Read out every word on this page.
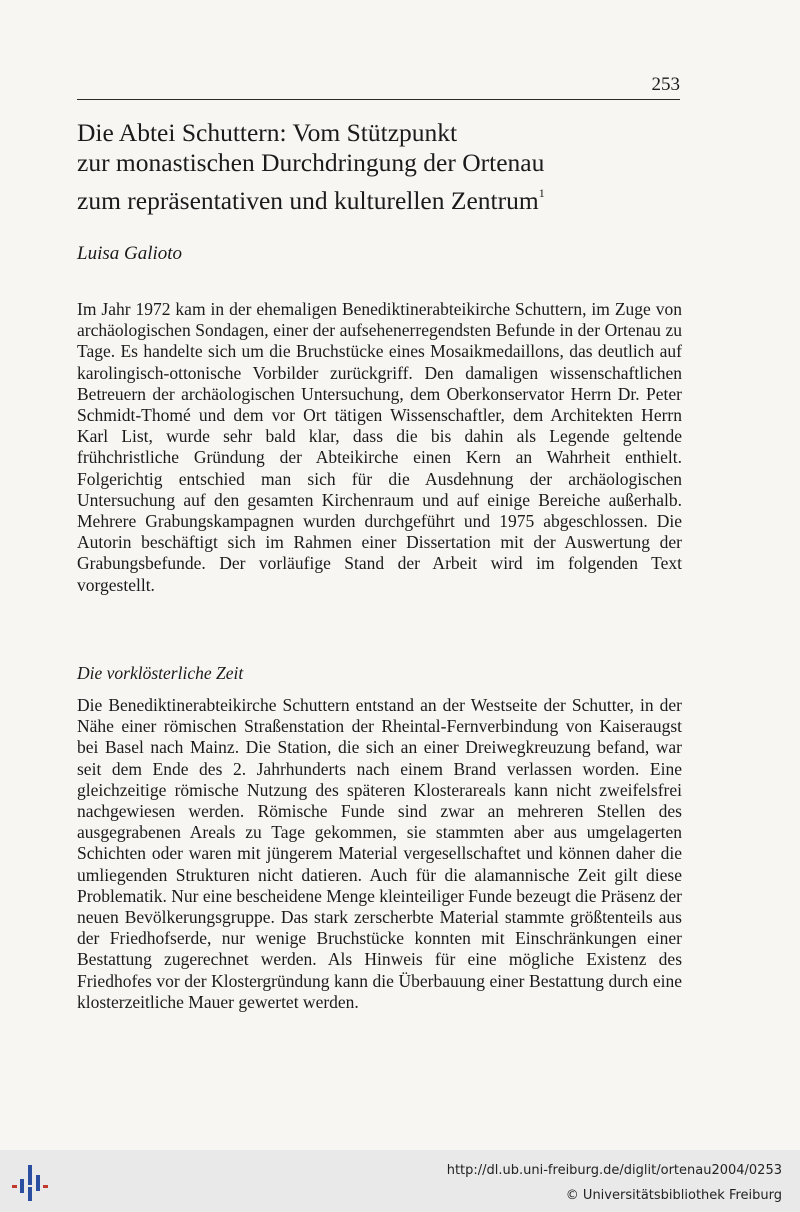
253
Die Abtei Schuttern: Vom Stützpunkt
zur monastischen Durchdringung der Ortenau
zum repräsentativen und kulturellen Zentrum$^1$
Luisa Galioto

Im Jahr 1972 kam in der ehemaligen Benediktinerabteikirche Schuttern, im Zuge von archäologischen Sondagen, einer der aufsehenerregendsten Befunde in der Ortenau zu Tage. Es handelte sich um die Bruchstücke eines Mosaikmedaillons, das deutlich auf karolingisch-ottonische Vorbilder zurückgriff. Den damaligen wissenschaftlichen Betreuern der archäologischen Untersuchung, dem Oberkonservator Herrn Dr. Peter Schmidt-Thomé und dem vor Ort tätigen Wissenschaftler, dem Architekten Herrn Karl List, wurde sehr bald klar, dass die bis dahin als Legende geltende frühchristliche Gründung der Abteikirche einen Kern an Wahrheit enthielt. Folgerichtig entschied man sich für die Ausdehnung der archäologischen Untersuchung auf den gesamten Kirchenraum und auf einige Bereiche außerhalb. Mehrere Grabungskampagnen wurden durchgeführt und 1975 abgeschlossen. Die Autorin beschäftigt sich im Rahmen einer Dissertation mit der Auswertung der Grabungsbefunde. Der vorläufige Stand der Arbeit wird im folgenden Text vorgestellt.

Die vorklösterliche Zeit

Die Benediktinerabteikirche Schuttern entstand an der Westseite der Schutter, in der Nähe einer römischen Straßenstation der Rheintal-Fernverbindung von Kaiseraugst bei Basel nach Mainz. Die Station, die sich an einer Dreiwegkreuzung befand, war seit dem Ende des 2. Jahrhunderts nach einem Brand verlassen worden. Eine gleichzeitige römische Nutzung des späteren Klosterareals kann nicht zweifelsfrei nachgewiesen werden. Römische Funde sind zwar an mehreren Stellen des ausgegrabenen Areals zu Tage gekommen, sie stammten aber aus umgelagerten Schichten oder waren mit jüngerem Material vergesellschaftet und können daher die umliegenden Strukturen nicht datieren. Auch für die alamannische Zeit gilt diese Problematik. Nur eine bescheidene Menge kleinteiliger Funde bezeugt die Präsenz der neuen Bevölkerungsgruppe. Das stark zerscherbte Material stammte größtenteils aus der Friedhofserde, nur wenige Bruchstücke konnten mit Einschränkungen einer Bestattung zugerechnet werden. Als Hinweis für eine mögliche Existenz des Friedhofes vor der Klostergründung kann die Überbauung einer Bestattung durch eine klosterzeitliche Mauer gewertet werden.

http://dl.ub.uni-freiburg.de/diglit/ortenau2004/0253
© Universitätsbibliothek Freiburg
